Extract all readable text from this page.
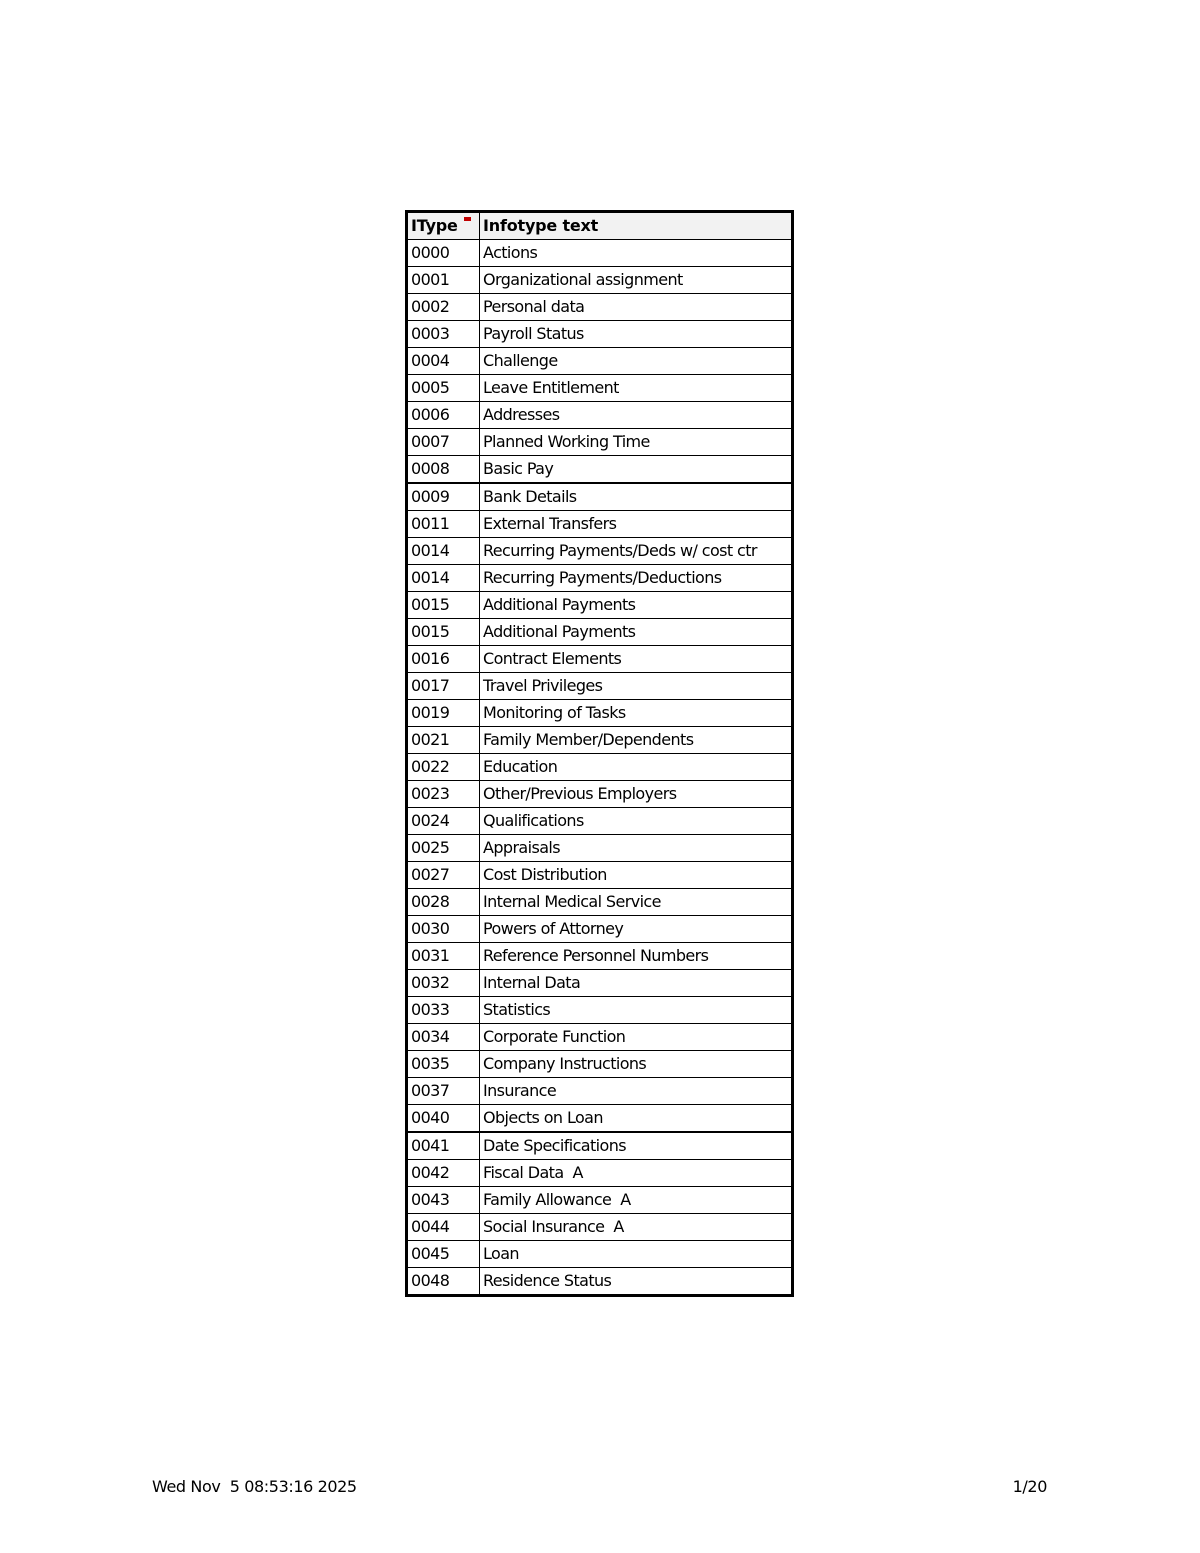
IType	Infotype text
0000	Actions
0001	Organizational assignment
0002	Personal data
0003	Payroll Status
0004	Challenge
0005	Leave Entitlement
0006	Addresses
0007	Planned Working Time
0008	Basic Pay
0009	Bank Details
0011	External Transfers
0014	Recurring Payments/Deds w/ cost ctr
0014	Recurring Payments/Deductions
0015	Additional Payments
0015	Additional Payments
0016	Contract Elements
0017	Travel Privileges
0019	Monitoring of Tasks
0021	Family Member/Dependents
0022	Education
0023	Other/Previous Employers
0024	Qualifications
0025	Appraisals
0027	Cost Distribution
0028	Internal Medical Service
0030	Powers of Attorney
0031	Reference Personnel Numbers
0032	Internal Data
0033	Statistics
0034	Corporate Function
0035	Company Instructions
0037	Insurance
0040	Objects on Loan
0041	Date Specifications
0042	Fiscal Data  A
0043	Family Allowance  A
0044	Social Insurance  A
0045	Loan
0048	Residence Status
Wed Nov  5 08:53:16 2025	1/20
